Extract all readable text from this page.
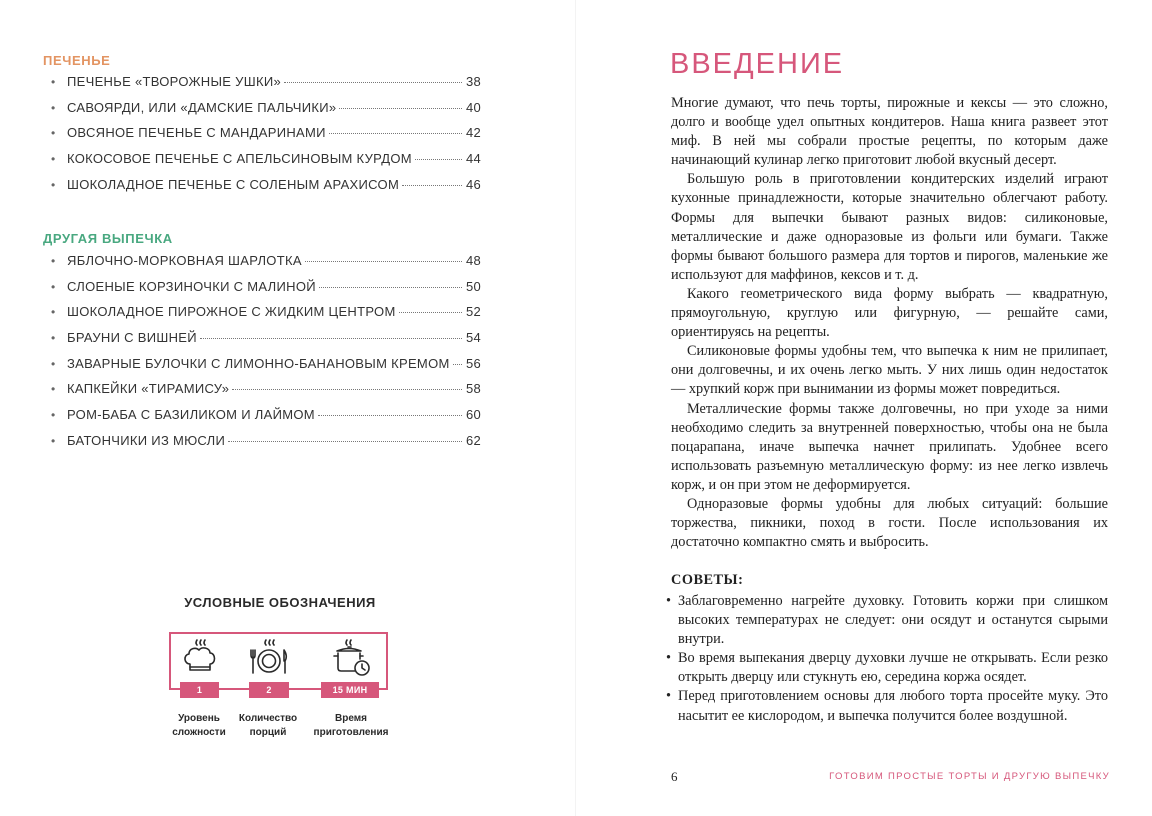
ПЕЧЕНЬЕ
• ПЕЧЕНЬЕ «ТВОРОЖНЫЕ УШКИ»	38
• САВОЯРДИ, ИЛИ «ДАМСКИЕ ПАЛЬЧИКИ»	40
• ОВСЯНОЕ ПЕЧЕНЬЕ С МАНДАРИНАМИ	42
• КОКОСОВОЕ ПЕЧЕНЬЕ С АПЕЛЬСИНОВЫМ КУРДОМ	44
• ШОКОЛАДНОЕ ПЕЧЕНЬЕ С СОЛЕНЫМ АРАХИСОМ	46
ДРУГАЯ ВЫПЕЧКА
• ЯБЛОЧНО-МОРКОВНАЯ ШАРЛОТКА	48
• СЛОЕНЫЕ КОРЗИНОЧКИ С МАЛИНОЙ	50
• ШОКОЛАДНОЕ ПИРОЖНОЕ С ЖИДКИМ ЦЕНТРОМ	52
• БРАУНИ С ВИШНЕЙ	54
• ЗАВАРНЫЕ БУЛОЧКИ С ЛИМОННО-БАНАНОВЫМ КРЕМОМ 56
• КАПКЕЙКИ «ТИРАМИСУ»	58
• РОМ-БАБА С БАЗИЛИКОМ И ЛАЙМОМ	60
• БАТОНЧИКИ ИЗ МЮСЛИ	62
УСЛОВНЫЕ ОБОЗНАЧЕНИЯ
1	2	15 МИН
Уровень
сложности
Количество
порций
Время
приготовления
ВВЕДЕНИЕ

Многие думают, что печь торты, пирожные и кексы — это сложно, долго и вообще удел опытных кондитеров. Наша книга развеет этот миф. В ней мы собрали простые рецепты, по которым даже начинающий кулинар легко приготовит любой вкусный десерт.

Большую роль в приготовлении кондитерских изделий играют кухонные принадлежности, которые значительно облегчают работу. Формы для выпечки бывают разных видов: силиконовые, металлические и даже одноразовые из фольги или бумаги. Также формы бывают большого размера для тортов и пирогов, маленькие же используют для маффинов, кексов и т. д.

Какого геометрического вида форму выбрать — квадратную, прямоугольную, круглую или фигурную, — решайте сами, ориентируясь на рецепты.

Силиконовые формы удобны тем, что выпечка к ним не прилипает, они долговечны, и их очень легко мыть. У них лишь один недостаток — хрупкий корж при вынимании из формы может повредиться.

Металлические формы также долговечны, но при уходе за ними необходимо следить за внутренней поверхностью, чтобы она не была поцарапана, иначе выпечка начнет прилипать. Удобнее всего использовать разъемную металлическую форму: из нее легко извлечь корж, и он при этом не деформируется.

Одноразовые формы удобны для любых ситуаций: большие торжества, пикники, поход в гости. После использования их достаточно компактно смять и выбросить.

СОВЕТЫ:
• Заблаговременно нагрейте духовку. Готовить коржи при слишком высоких температурах не следует: они осядут и останутся сырыми внутри.
• Во время выпекания дверцу духовки лучше не открывать. Если резко открыть дверцу или стукнуть ею, середина коржа осядет.
• Перед приготовлением основы для любого торта просейте муку. Это насытит ее кислородом, и выпечка получится более воздушной.
6	ГОТОВИМ ПРОСТЫЕ ТОРТЫ И ДРУГУЮ ВЫПЕЧКУ
